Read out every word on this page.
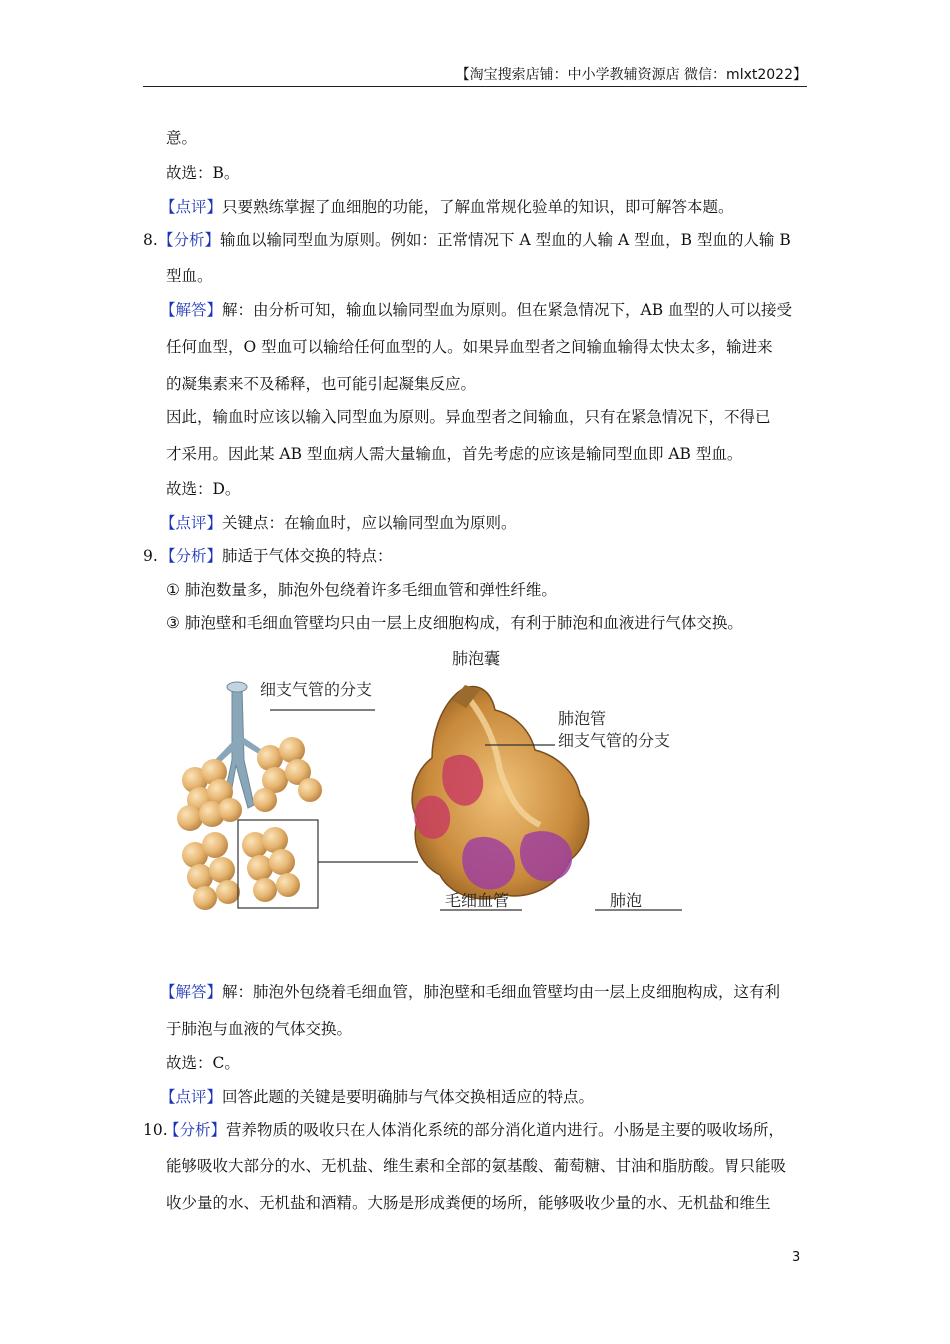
【淘宝搜索店铺：中小学教辅资源店 微信：mlxt2022】
意。
故选：B。
【点评】只要熟练掌握了血细胞的功能，了解血常规化验单的知识，即可解答本题。
8. 【分析】输血以输同型血为原则。例如：正常情况下 A 型血的人输 A 型血，B 型血的人输 B
型血。
【解答】解：由分析可知，输血以输同型血为原则。但在紧急情况下，AB 血型的人可以接受
任何血型，O 型血可以输给任何血型的人。如果异血型者之间输血输得太快太多，输进来
的凝集素来不及稀释，也可能引起凝集反应。
因此，输血时应该以输入同型血为原则。异血型者之间输血，只有在紧急情况下，不得已
才采用。因此某 AB 型血病人需大量输血，首先考虑的应该是输同型血即 AB 型血。
故选：D。
【点评】关键点：在输血时，应以输同型血为原则。
9. 【分析】肺适于气体交换的特点：
① 肺泡数量多，肺泡外包绕着许多毛细血管和弹性纤维。
③ 肺泡壁和毛细血管壁均只由一层上皮细胞构成，有利于肺泡和血液进行气体交换。
细支气管的分支
肺泡囊
肺泡管
细支气管的分支
毛细血管	肺泡
【解答】解：肺泡外包绕着毛细血管，肺泡壁和毛细血管壁均由一层上皮细胞构成，这有利
于肺泡与血液的气体交换。
故选：C。
【点评】回答此题的关键是要明确肺与气体交换相适应的特点。
10.
【分析】营养物质的吸收只在人体消化系统的部分消化道内进行。小肠是主要的吸收场所，
能够吸收大部分的水、无机盐、维生素和全部的氨基酸、葡萄糖、甘油和脂肪酸。胃只能吸
收少量的水、无机盐和酒精。大肠是形成粪便的场所，能够吸收少量的水、无机盐和维生
3
